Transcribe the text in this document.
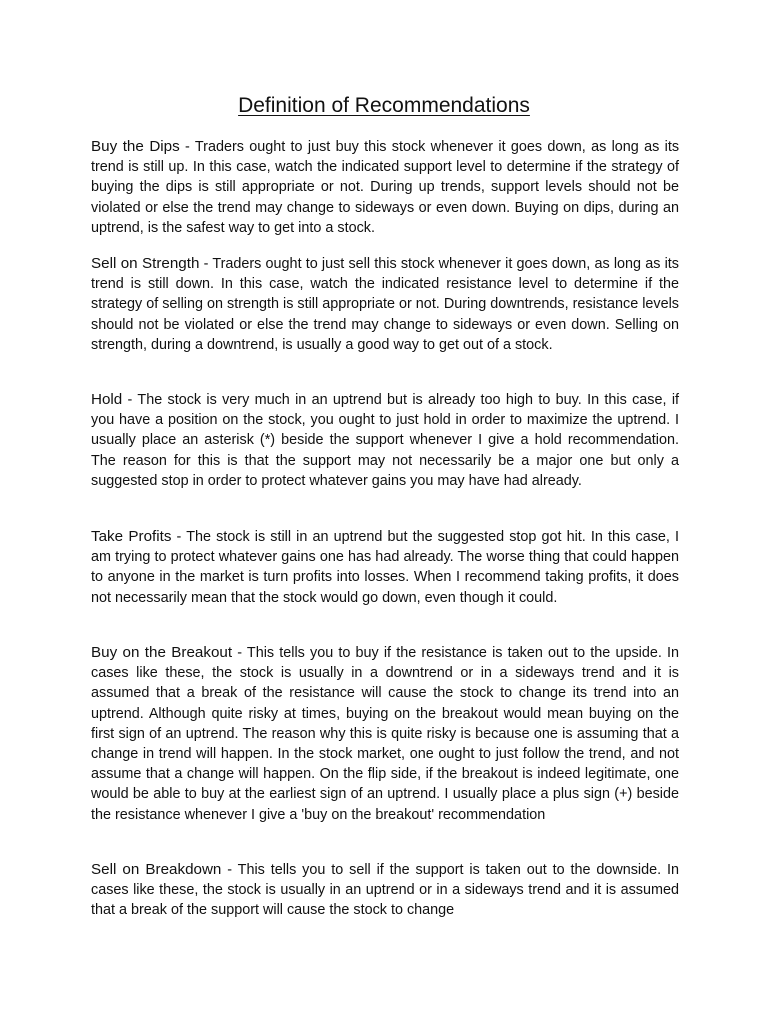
Definition of Recommendations

Buy the Dips - Traders ought to just buy this stock whenever it goes down, as long as its trend is still up. In this case, watch the indicated support level to determine if the strategy of buying the dips is still appropriate or not. During up trends, support levels should not be violated or else the trend may change to sideways or even down. Buying on dips, during an uptrend, is the safest way to get into a stock.

Sell on Strength - Traders ought to just sell this stock whenever it goes down, as long as its trend is still down. In this case, watch the indicated resistance level to determine if the strategy of selling on strength is still appropriate or not. During downtrends, resistance levels should not be violated or else the trend may change to sideways or even down. Selling on strength, during a downtrend, is usually a good way to get out of a stock.

Hold - The stock is very much in an uptrend but is already too high to buy. In this case, if you have a position on the stock, you ought to just hold in order to maximize the uptrend. I usually place an asterisk (*) beside the support whenever I give a hold recommendation. The reason for this is that the support may not necessarily be a major one but only a suggested stop in order to protect whatever gains you may have had already.

Take Profits - The stock is still in an uptrend but the suggested stop got hit. In this case, I am trying to protect whatever gains one has had already. The worse thing that could happen to anyone in the market is turn profits into losses. When I recommend taking profits, it does not necessarily mean that the stock would go down, even though it could.

Buy on the Breakout - This tells you to buy if the resistance is taken out to the upside. In cases like these, the stock is usually in a downtrend or in a sideways trend and it is assumed that a break of the resistance will cause the stock to change its trend into an uptrend. Although quite risky at times, buying on the breakout would mean buying on the first sign of an uptrend. The reason why this is quite risky is because one is assuming that a change in trend will happen. In the stock market, one ought to just follow the trend, and not assume that a change will happen. On the flip side, if the breakout is indeed legitimate, one would be able to buy at the earliest sign of an uptrend. I usually place a plus sign (+) beside the resistance whenever I give a 'buy on the breakout' recommendation

Sell on Breakdown - This tells you to sell if the support is taken out to the downside. In cases like these, the stock is usually in an uptrend or in a sideways trend and it is assumed that a break of the support will cause the stock to change
